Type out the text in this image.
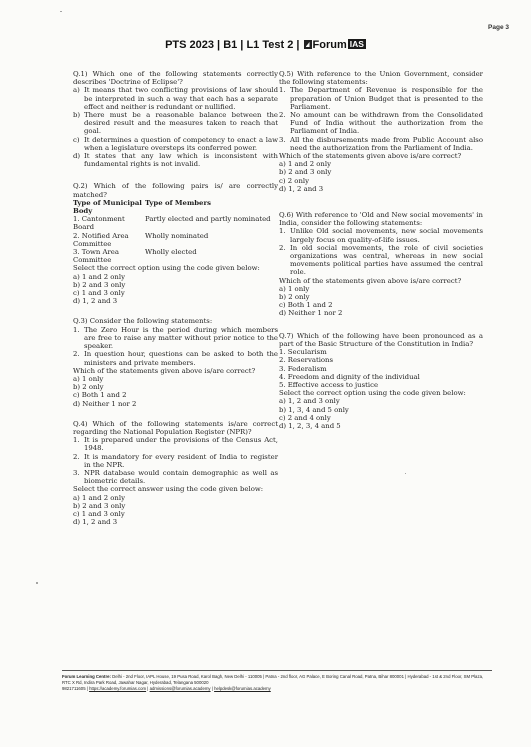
Page 3
PTS 2023 | B1 | L1 Test 2 | Forum IAS
Q.1) Which one of the following statements correctly describes 'Doctrine of Eclipse'?
a) It means that two conflicting provisions of law should be interpreted in such a way that each has a separate effect and neither is redundant or nullified.
b) There must be a reasonable balance between the desired result and the measures taken to reach that goal.
c) It determines a question of competency to enact a law when a legislature oversteps its conferred power.
d) It states that any law which is inconsistent with fundamental rights is not invalid.
Q.2) Which of the following pairs is/ are correctly matched?
Type of Municipal Body	Type of Members
1. Cantonment Board	Partly elected and partly nominated
2. Notified Area Committee	Wholly nominated
3. Town Area Committee	Wholly elected
Select the correct option using the code given below:
a) 1 and 2 only
b) 2 and 3 only
c) 1 and 3 only
d) 1, 2 and 3
Q.3) Consider the following statements:
1. The Zero Hour is the period during which members are free to raise any matter without prior notice to the speaker.
2. In question hour, questions can be asked to both the ministers and private members.
Which of the statements given above is/are correct?
a) 1 only
b) 2 only
c) Both 1 and 2
d) Neither 1 nor 2
Q.4) Which of the following statements is/are correct regarding the National Population Register (NPR)?
1. It is prepared under the provisions of the Census Act, 1948.
2. It is mandatory for every resident of India to register in the NPR.
3. NPR database would contain demographic as well as biometric details.
Select the correct answer using the code given below:
a) 1 and 2 only
b) 2 and 3 only
c) 1 and 3 only
d) 1, 2 and 3
Q.5) With reference to the Union Government, consider the following statements:
1. The Department of Revenue is responsible for the preparation of Union Budget that is presented to the Parliament.
2. No amount can be withdrawn from the Consolidated Fund of India without the authorization from the Parliament of India.
3. All the disbursements made from Public Account also need the authorization from the Parliament of India.
Which of the statements given above is/are correct?
a) 1 and 2 only
b) 2 and 3 only
c) 2 only
d) 1, 2 and 3
Q.6) With reference to 'Old and New social movements' in India, consider the following statements:
1. Unlike Old social movements, new social movements largely focus on quality-of-life issues.
2. In old social movements, the role of civil societies organizations was central, whereas in new social movements political parties have assumed the central role.
Which of the statements given above is/are correct?
a) 1 only
b) 2 only
c) Both 1 and 2
d) Neither 1 nor 2
Q.7) Which of the following have been pronounced as a part of the Basic Structure of the Constitution in India?
1. Secularism
2. Reservations
3. Federalism
4. Freedom and dignity of the individual
5. Effective access to justice
Select the correct option using the code given below:
a) 1, 2 and 3 only
b) 1, 3, 4 and 5 only
c) 2 and 4 only
d) 1, 2, 3, 4 and 5
Forum Learning Centre: Delhi - 2nd Floor, IAPL House, 19 Pusa Road, Karol Bagh, New Delhi - 110005 | Patna - 2nd floor, AG Palace, E Boring Canal Road, Patna, Bihar 800001 | Hyderabad - 1st & 2nd Floor, SM Plaza, RTC X Rd, Indira Park Road, Jawahar Nagar, Hyderabad, Telangana 500020
9821711605 | https://academy.forumias.com | admissions@forumias.academy | helpdesk@forumias.academy
